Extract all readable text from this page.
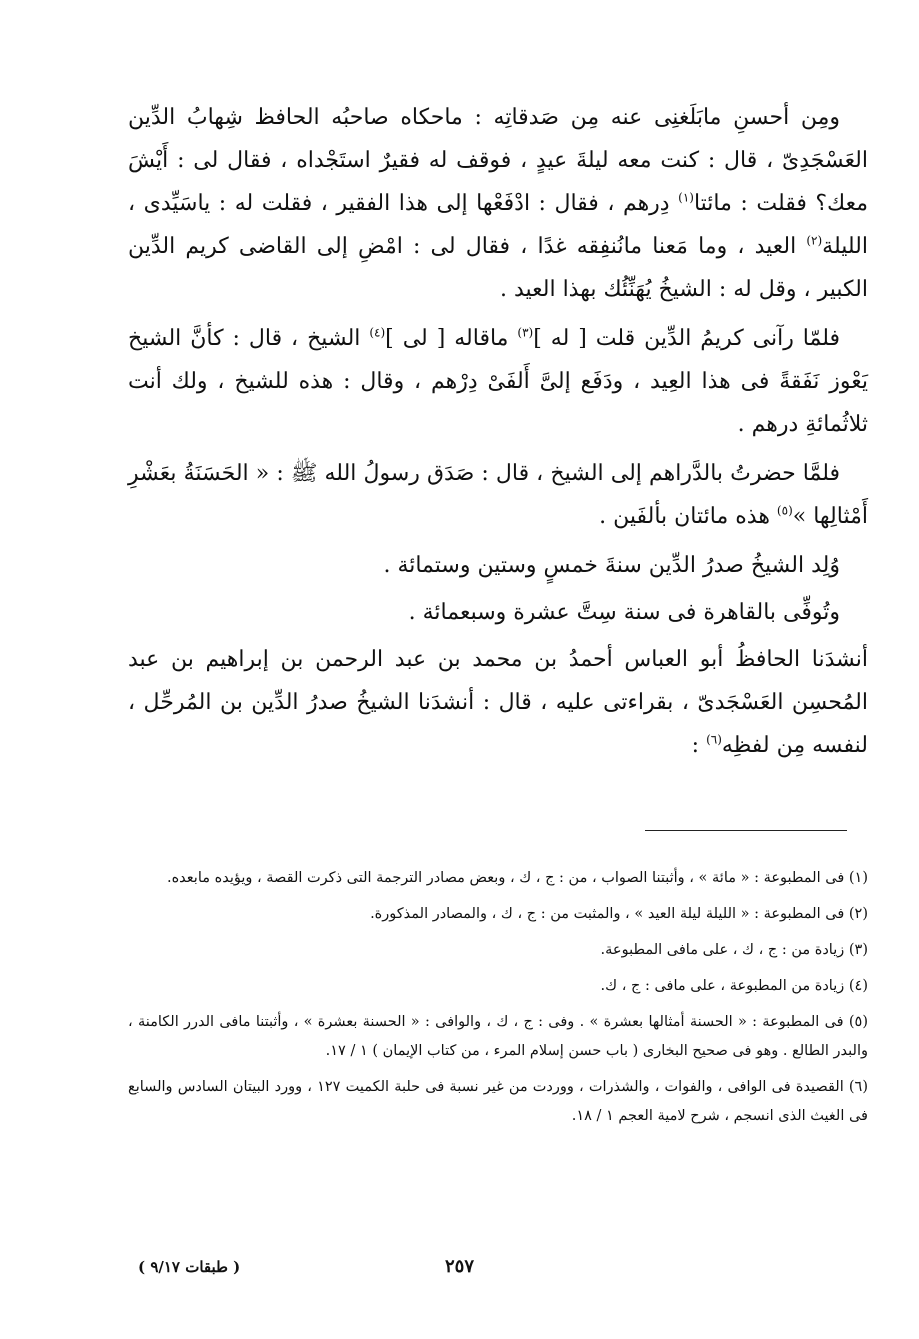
ومِن أحسنِ مابَلَغنِى عنه مِن صَدقاتِه : ماحكاه صاحبُه الحافظ شِهابُ الدِّين العَسْجَدِىّ ، قال : كنت معه ليلةَ عيدٍ ، فوقف له فقيرٌ استَجْداه ، فقال لى : أَيْشَ معك؟ فقلت : مائتا$^{(١)}$ دِرهم ، فقال : ادْفَعْها إلى هذا الفقير ، فقلت له : ياسَيِّدى ، الليلة$^{(٢)}$ العيد ، وما مَعنا مانُنفِقه غدًا ، فقال لى : امْضِ إلى القاضى كريم الدِّين الكبير ، وقل له : الشيخُ يُهَنِّئُك بهذا العيد .

فلمّا رآنى كريمُ الدِّين قلت [ له ]$^{(٣)}$ ماقاله [ لى ]$^{(٤)}$ الشيخ ، قال : كأنَّ الشيخ يَعْوز نَفَقةً فى هذا العِيد ، ودَفَع إلىَّ أَلفَىْ دِرْهم ، وقال : هذه للشيخ ، ولك أنت ثلاثُمائةِ درهم .

فلمَّا حضرتُ بالدَّراهم إلى الشيخ ، قال : صَدَق رسولُ الله ﷺ : « الحَسَنَةُ بعَشْرِ أَمْثالِها »$^{(٥)}$ هذه مائتان بألفَين .

وُلِد الشيخُ صدرُ الدِّين سنةَ خمسٍ وستين وستمائة .

وتُوفِّى بالقاهرة فى سنة سِتَّ عشرة وسبعمائة .

أنشدَنا الحافظُ أبو العباس أحمدُ بن محمد بن عبد الرحمن بن إبراهيم بن عبد المُحسِن العَسْجَدىّ ، بقراءتى عليه ، قال : أنشدَنا الشيخُ صدرُ الدِّين بن المُرحِّل ، لنفسه مِن لفظِه$^{(٦)}$ :

(١) فى المطبوعة : « مائة » ، وأثبتنا الصواب ، من : ج ، ك ، وبعض مصادر الترجمة التى ذكرت القصة ، ويؤيده مابعده.

(٢) فى المطبوعة : « الليلة ليلة العيد » ، والمثبت من : ج ، ك ، والمصادر المذكورة.

(٣) زيادة من : ج ، ك ، على مافى المطبوعة.

(٤) زيادة من المطبوعة ، على مافى : ج ، ك.

(٥) فى المطبوعة : « الحسنة أمثالها بعشرة » . وفى : ج ، ك ، والوافى : « الحسنة بعشرة » ، وأثبتنا مافى الدرر الكامنة ، والبدر الطالع . وهو فى صحيح البخارى ( باب حسن إسلام المرء ، من كتاب الإيمان ) ١ / ١٧.

(٦) القصيدة فى الوافى ، والفوات ، والشذرات ، ووردت من غير نسبة فى حلبة الكميت ١٢٧ ، وورد البيتان السادس والسابع فى الغيث الذى انسجم ، شرح لامية العجم ١ / ١٨.

٢٥٧
( طبقات ٩/١٧ )
